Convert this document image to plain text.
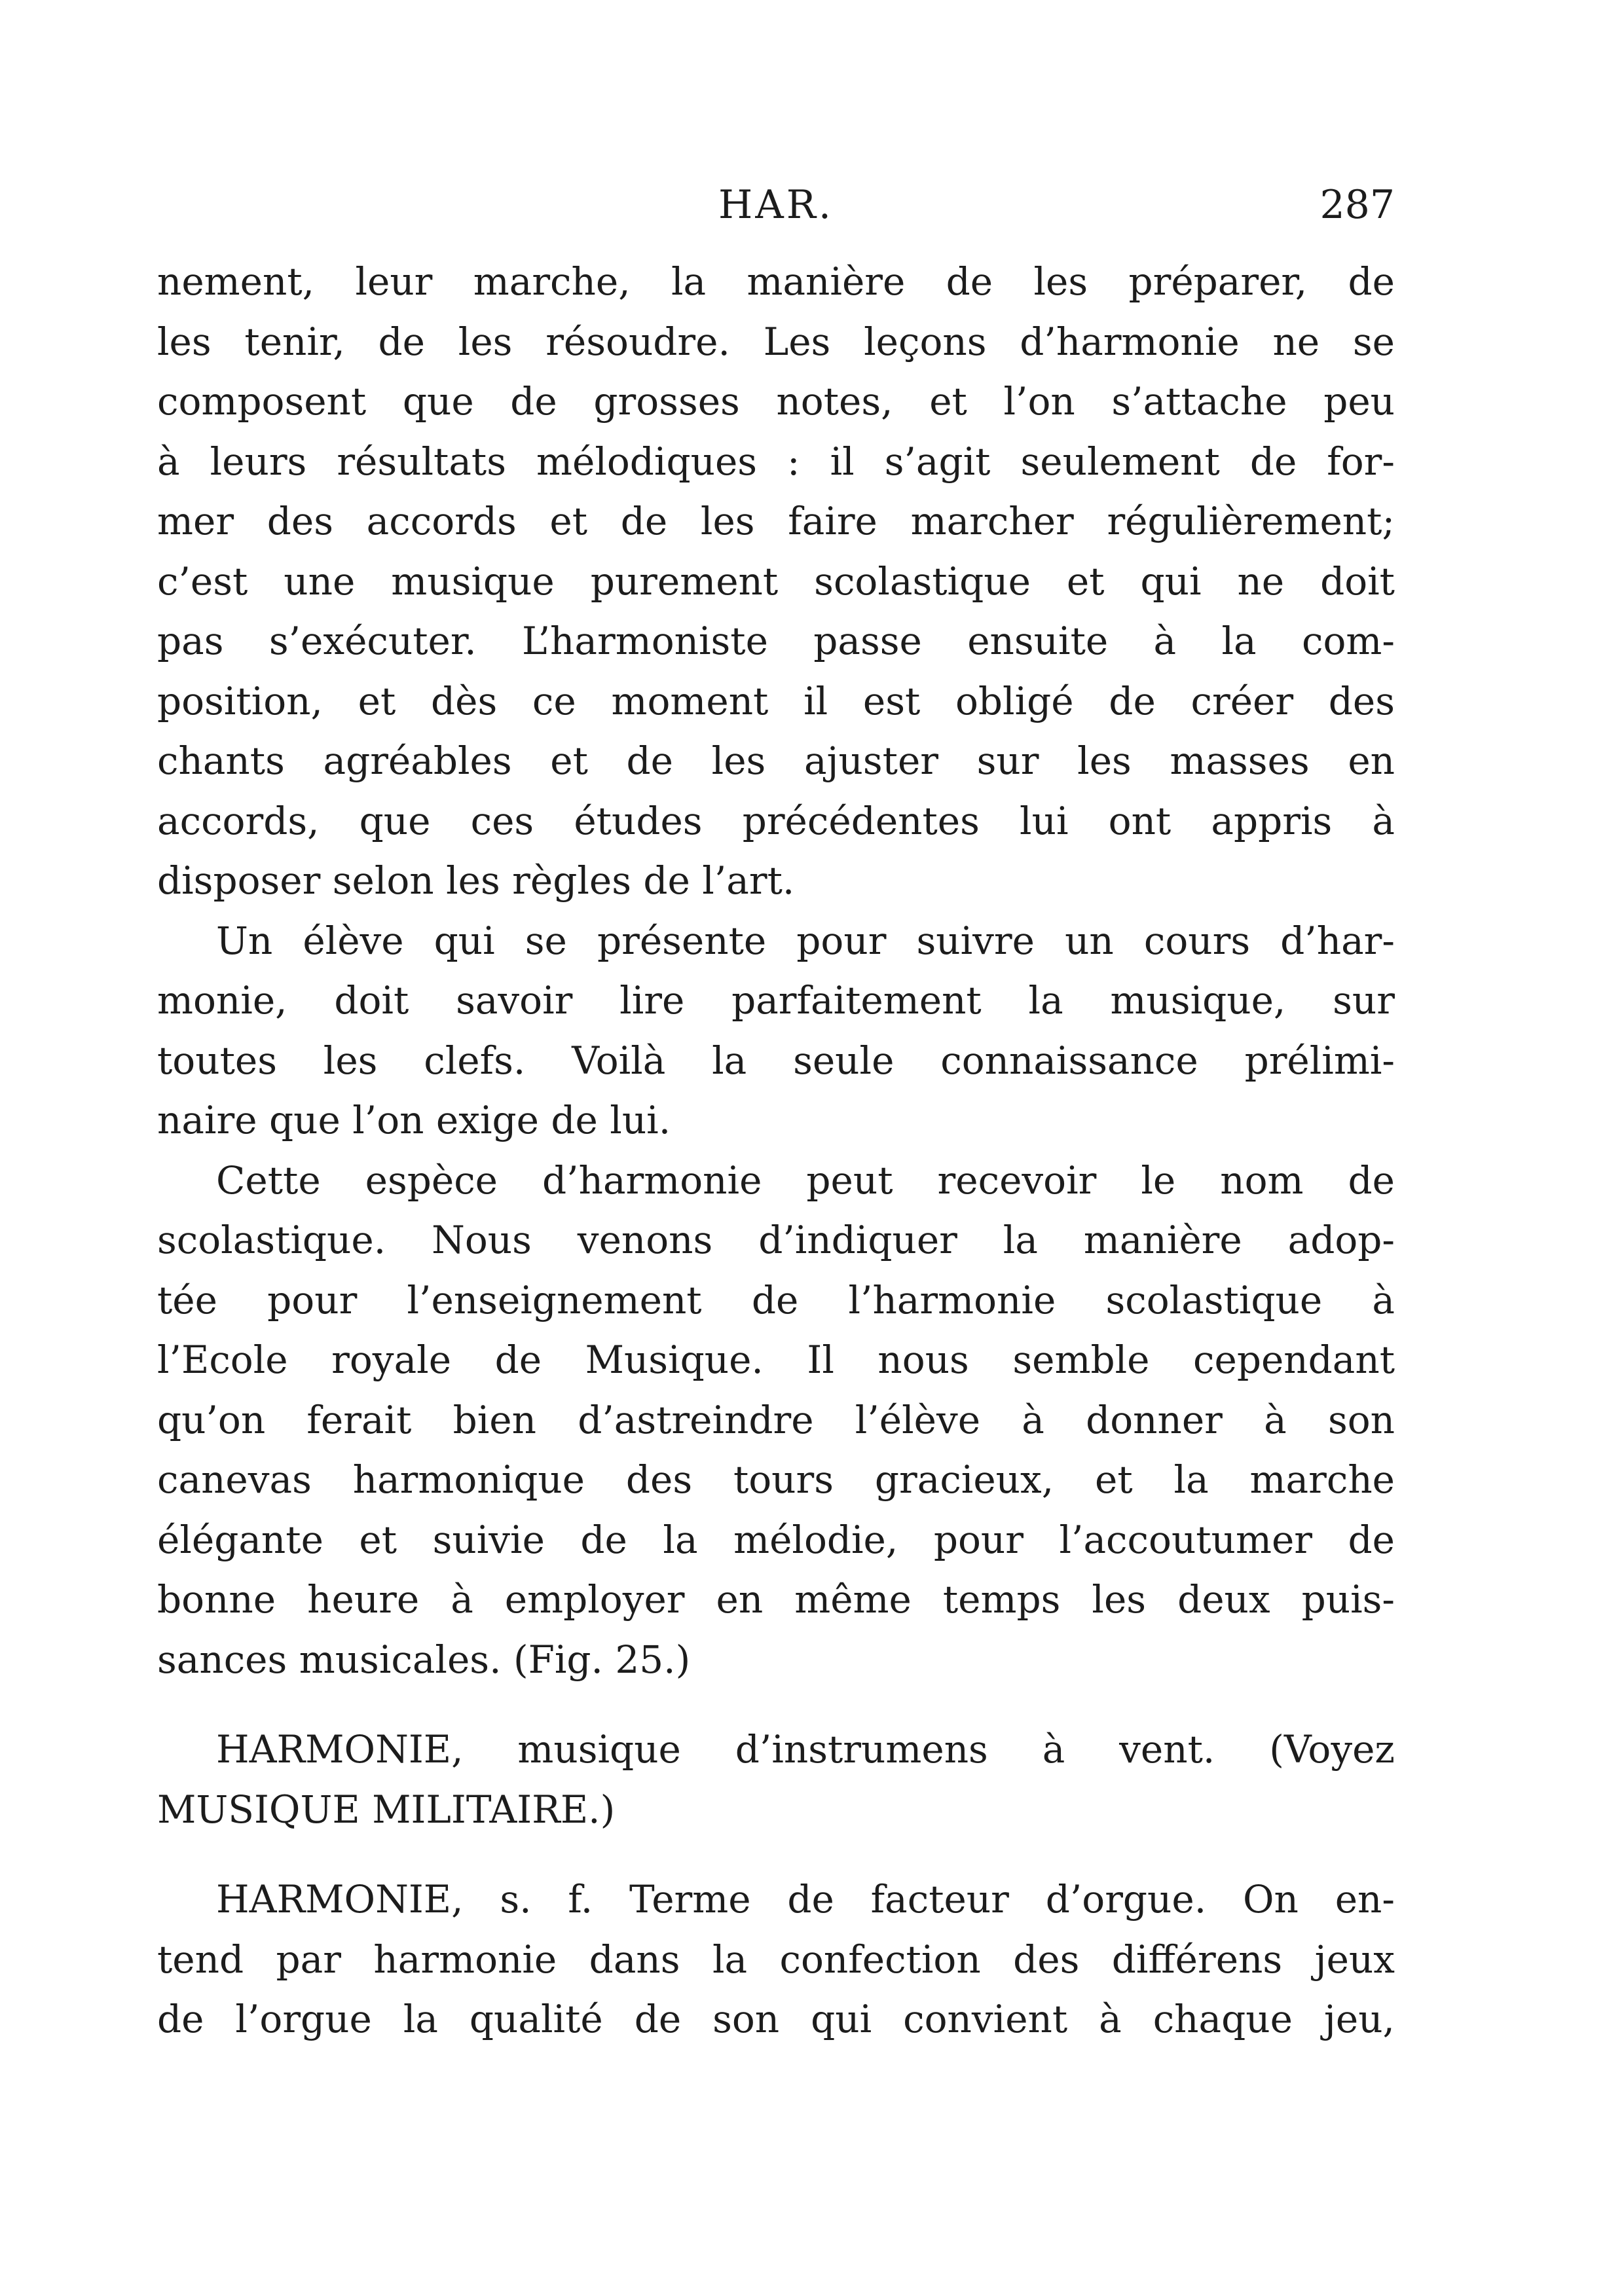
HAR.	287
nement, leur marche, la manière de les préparer, de
les tenir, de les résoudre. Les leçons d’harmonie ne se
composent que de grosses notes, et l’on s’attache peu
à leurs résultats mélodiques : il s’agit seulement de for-
mer des accords et de les faire marcher régulièrement;
c’est une musique purement scolastique et qui ne doit
pas s’exécuter. L’harmoniste passe ensuite à la com-
position, et dès ce moment il est obligé de créer des
chants agréables et de les ajuster sur les masses en
accords, que ces études précédentes lui ont appris à
disposer selon les règles de l’art.
Un élève qui se présente pour suivre un cours d’har-
monie, doit savoir lire parfaitement la musique, sur
toutes les clefs. Voilà la seule connaissance prélimi-
naire que l’on exige de lui.
Cette espèce d’harmonie peut recevoir le nom de
scolastique. Nous venons d’indiquer la manière adop-
tée pour l’enseignement de l’harmonie scolastique à
l’Ecole royale de Musique. Il nous semble cependant
qu’on ferait bien d’astreindre l’élève à donner à son
canevas harmonique des tours gracieux, et la marche
élégante et suivie de la mélodie, pour l’accoutumer de
bonne heure à employer en même temps les deux puis-
sances musicales. (Fig. 25.)
HARMONIE, musique d’instrumens à vent. (Voyez
MUSIQUE MILITAIRE.)
HARMONIE, s. f. Terme de facteur d’orgue. On en-
tend par harmonie dans la confection des différens jeux
de l’orgue la qualité de son qui convient à chaque jeu,
